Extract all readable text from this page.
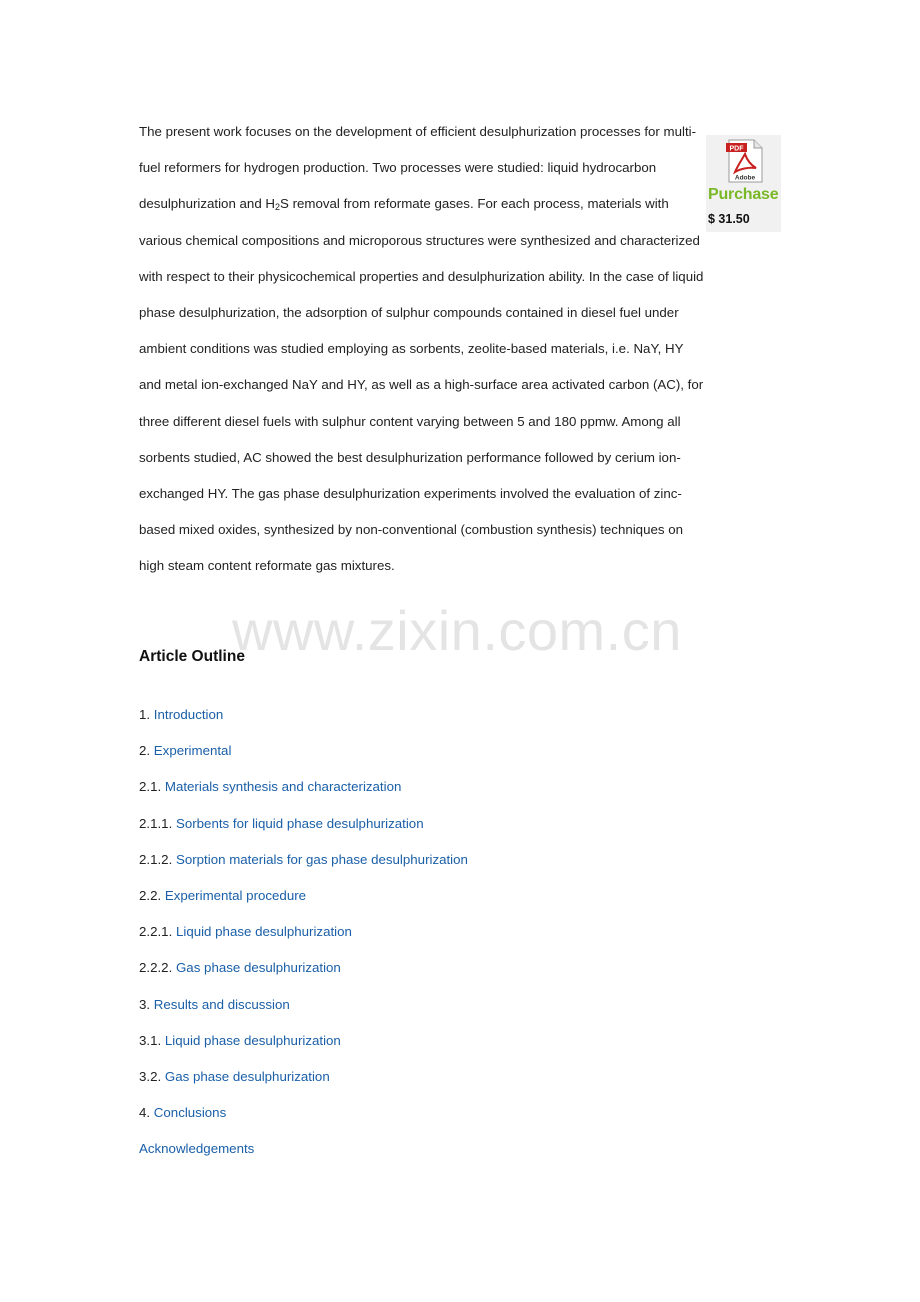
The present work focuses on the development of efficient desulphurization processes for multi-fuel reformers for hydrogen production. Two processes were studied: liquid hydrocarbon desulphurization and $H_2S$ removal from reformate gases. For each process, materials with various chemical compositions and microporous structures were synthesized and characterized with respect to their physicochemical properties and desulphurization ability. In the case of liquid phase desulphurization, the adsorption of sulphur compounds contained in diesel fuel under ambient conditions was studied employing as sorbents, zeolite-based materials, i.e. NaY, HY and metal ion-exchanged NaY and HY, as well as a high-surface area activated carbon (AC), for three different diesel fuels with sulphur content varying between 5 and 180 ppmw. Among all sorbents studied, AC showed the best desulphurization performance followed by cerium ion-exchanged HY. The gas phase desulphurization experiments involved the evaluation of zinc-based mixed oxides, synthesized by non-conventional (combustion synthesis) techniques on high steam content reformate gas mixtures.

PDF
Adobe
Purchase
$ 31.50
www.zixin.com.cn
Article Outline
1. Introduction
2. Experimental
2.1. Materials synthesis and characterization
2.1.1. Sorbents for liquid phase desulphurization
2.1.2. Sorption materials for gas phase desulphurization
2.2. Experimental procedure
2.2.1. Liquid phase desulphurization
2.2.2. Gas phase desulphurization
3. Results and discussion
3.1. Liquid phase desulphurization
3.2. Gas phase desulphurization
4. Conclusions
Acknowledgements
